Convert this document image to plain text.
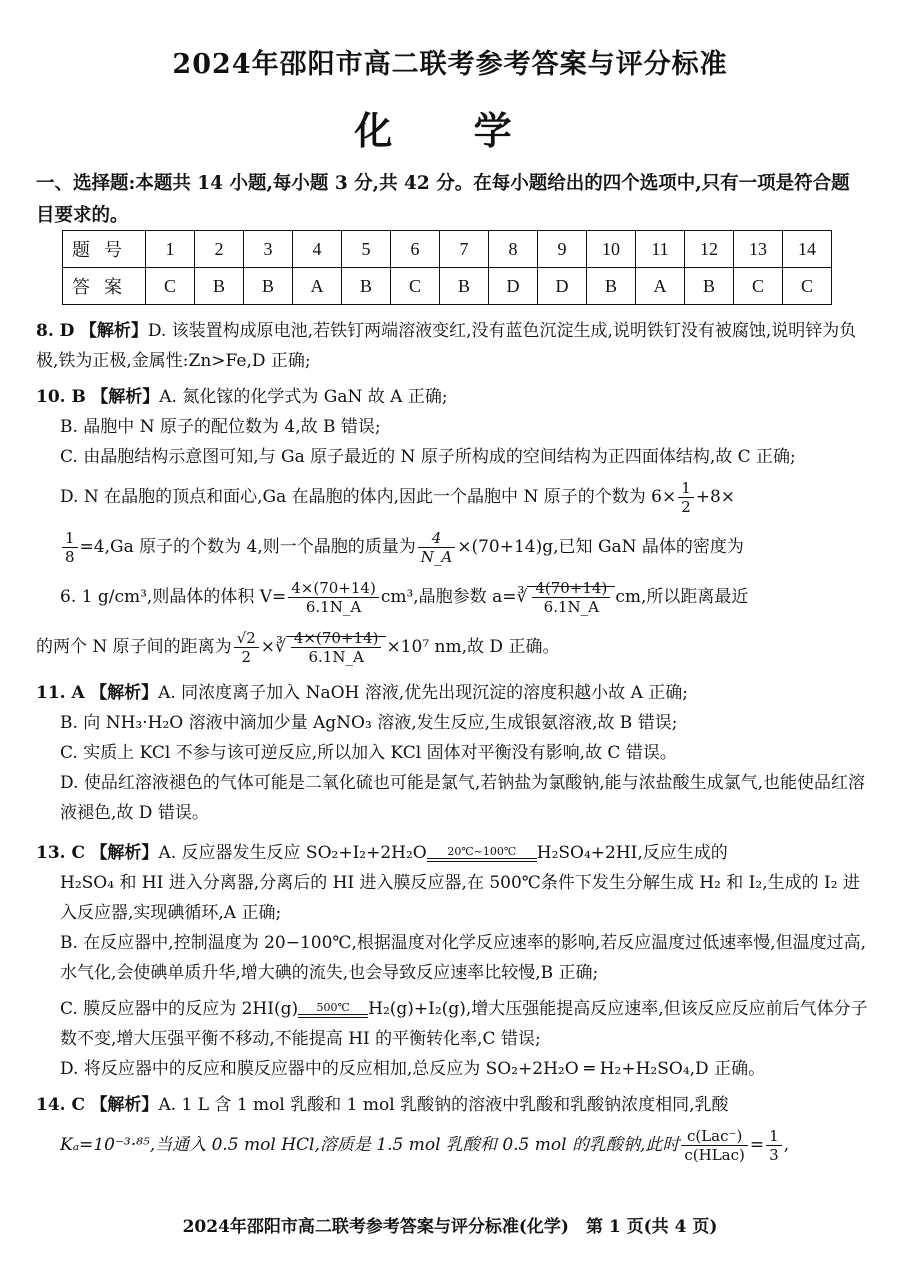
2024年邵阳市高二联考参考答案与评分标准
化 学
一、选择题:本题共 14 小题,每小题 3 分,共 42 分。在每小题给出的四个选项中,只有一项是符合题目要求的。
题号	1	2	3	4	5	6	7	8	9	10	11	12	13	14
答案	C	B	B	A	B	C	B	D	D	B	A	B	C	C

8. D 【解析】D. 该装置构成原电池,若铁钉两端溶液变红,没有蓝色沉淀生成,说明铁钉没有被腐蚀,说明锌为负极,铁为正极,金属性:Zn>Fe,D 正确;

10. B 【解析】A. 氮化镓的化学式为 GaN 故 A 正确;

B. 晶胞中 N 原子的配位数为 4,故 B 错误;

C. 由晶胞结构示意图可知,与 Ga 原子最近的 N 原子所构成的空间结构为正四面体结构,故 C 正确;

D. N 在晶胞的顶点和面心,Ga 在晶胞的体内,因此一个晶胞中 N 原子的个数为 $6\times \frac{1}{2} +8\times$

$\frac{1}{8} =4,Ga$ 原子的个数为 4,则一个晶胞的质量为 $\frac{4}{N\_A} \times(70+14)g$,已知 GaN 晶体的密度为

6. 1 g/cm³,则晶体的体积 $V= \frac{4\times(70+14)}{6.1N\_A} cm^3$,晶胞参数 a=∛ $\frac{4(70+14)}{6.1N\_A}$ cm,所以距离最近

的两个 N 原子间的距离为 $\frac{√2}{2}$ ×∛ $\frac{4\times(70+14)}{6.1N\_A} \times 10^7$ nm,故 D 正确。

11. A 【解析】A. 同浓度离子加入 NaOH 溶液,优先出现沉淀的溶度积越小故 A 正确;

B. 向 NH₃·H₂O 溶液中滴加少量 AgNO₃ 溶液,发生反应,生成银氨溶液,故 B 错误;

C. 实质上 KCl 不参与该可逆反应,所以加入 KCl 固体对平衡没有影响,故 C 错误。

D. 使品红溶液褪色的气体可能是二氧化硫也可能是氯气,若钠盐为氯酸钠,能与浓盐酸生成氯气,也能使品红溶液褪色,故 D 错误。

13. C 【解析】A. 反应器发生反应 SO₂+I₂+2H₂O 20℃~100℃ H₂SO₄+2HI,反应生成的

H₂SO₄ 和 HI 进入分离器,分离后的 HI 进入膜反应器,在 500℃条件下发生分解生成 H₂ 和 I₂,生成的 I₂ 进入反应器,实现碘循环,A 正确;

B. 在反应器中,控制温度为 20−100℃,根据温度对化学反应速率的影响,若反应温度过低速率慢,但温度过高,水气化,会使碘单质升华,增大碘的流失,也会导致反应速率比较慢,B 正确;

C. 膜反应器中的反应为 2HI(g) 500℃ H₂(g)+I₂(g),增大压强能提高反应速率,但该反应反应前后气体分子数不变,增大压强平衡不移动,不能提高 HI 的平衡转化率,C 错误;

D. 将反应器中的反应和膜反应器中的反应相加,总反应为 SO₂+2H₂O ═ H₂+H₂SO₄,D 正确。

14. C 【解析】A. 1 L 含 1 mol 乳酸和 1 mol 乳酸钠的溶液中乳酸和乳酸钠浓度相同,乳酸

Kₐ=10⁻³·⁸⁵,当通入 0.5 mol HCl,溶质是 1.5 mol 乳酸和 0.5 mol 的乳酸钠,此时 $\frac{\text{c(Lac⁻)}}{\text{c(HLac)}} = \frac{1}{3}$ ,

2024年邵阳市高二联考参考答案与评分标准(化学)　第 1 页(共 4 页)
